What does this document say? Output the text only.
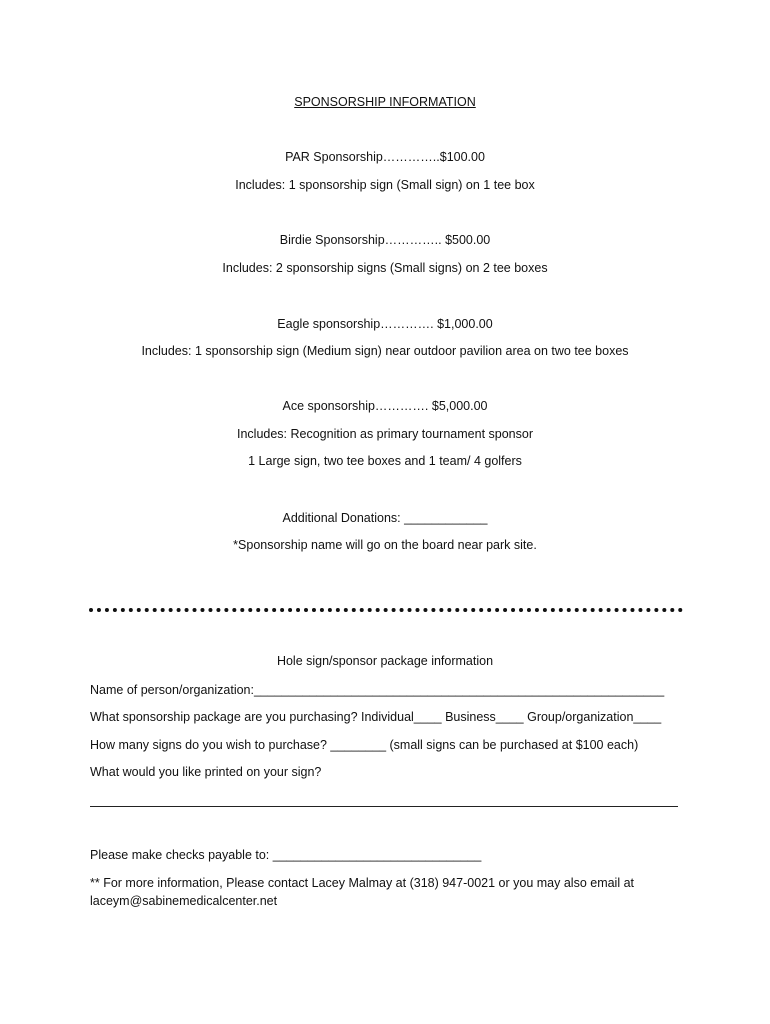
SPONSORSHIP INFORMATION
PAR Sponsorship…………..$100.00
Includes: 1 sponsorship sign (Small sign) on 1 tee box
Birdie Sponsorship………….. $500.00
Includes: 2 sponsorship signs (Small signs) on 2 tee boxes
Eagle sponsorship…………. $1,000.00
Includes: 1 sponsorship sign (Medium sign) near outdoor pavilion area on two tee boxes
Ace sponsorship…………. $5,000.00
Includes: Recognition as primary tournament sponsor
1 Large sign, two tee boxes and 1 team/ 4 golfers
Additional Donations: ____________
*Sponsorship name will go on the board near park site.
Hole sign/sponsor package information
Name of person/organization:___________________________________________________________
What sponsorship package are you purchasing? Individual____ Business____ Group/organization____
How many signs do you wish to purchase? ________ (small signs can be purchased at $100 each)
What would you like printed on your sign?
Please make checks payable to: ______________________________
** For more information, Please contact Lacey Malmay at (318) 947-0021 or you may also email at
laceym@sabinemedicalcenter.net
